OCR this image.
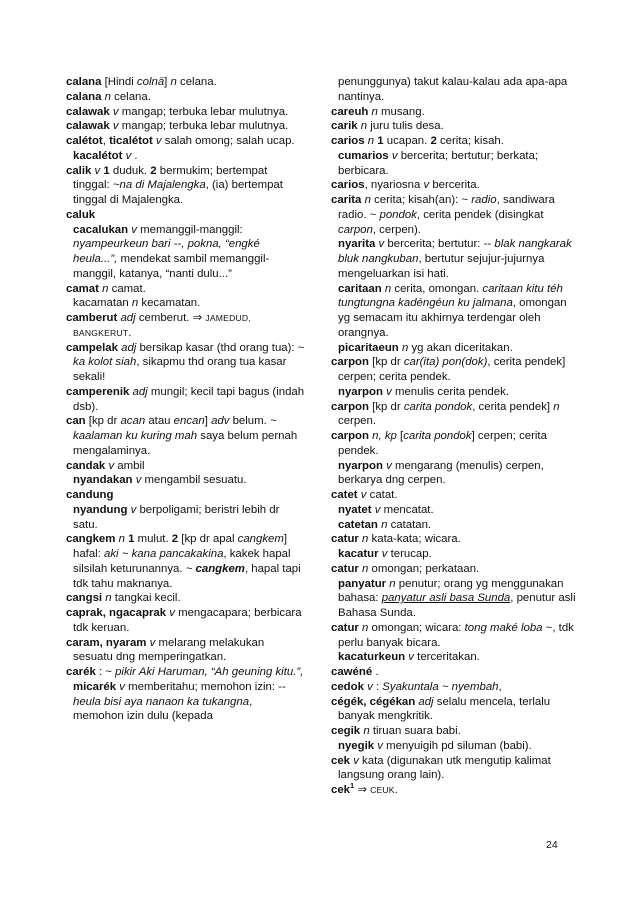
calana [Hindi colnā] n celana.

calana n celana.

calawak v mangap; terbuka lebar mulutnya.

calawak v mangap; terbuka lebar mulutnya.

calétot, ticalétot v salah omong; salah ucap.

kacalétot v .

calik v 1 duduk. 2 bermukim; bertempat tinggal: ~na di Majalengka, (ia) bertempat tinggal di Majalengka.

caluk

cacalukan v memanggil-manggil: nyampeurkeun bari --, pokna, “engké heula...”, mendekat sambil memanggil-manggil, katanya, “nanti dulu...”

camat n camat.

kacamatan n kecamatan.

camberut adj cemberut. ⇒ JAMEDUD, BANGKERUT.

campelak adj bersikap kasar (thd orang tua): ~ ka kolot siah, sikapmu thd orang tua kasar sekali!

camperenik adj mungil; kecil tapi bagus (indah dsb).

can [kp dr acan atau encan] adv belum. ~ kaalaman ku kuring mah saya belum pernah mengalaminya.

candak v ambil

nyandakan v mengambil sesuatu.

candung

nyandung v berpoligami; beristri lebih dr satu.

cangkem n 1 mulut. 2 [kp dr apal cangkem] hafal: aki ~ kana pancakakina, kakek hapal silsilah keturunannya. ~ cangkem, hapal tapi tdk tahu maknanya.

cangsi n tangkai kecil.

caprak, ngacaprak v mengacapara; berbicara tdk keruan.

caram, nyaram v melarang melakukan sesuatu dng memperingatkan.

carék : ~ pikir Aki Haruman, “Ah geuning kitu.”,

micarék v memberitahu; memohon izin: -- heula bisi aya nanaon ka tukangna, memohon izin dulu (kepada

penunggunya) takut kalau-kalau ada apa-apa nantinya.

careuh n musang.

carik n juru tulis desa.

carios n 1 ucapan. 2 cerita; kisah.

cumarios v bercerita; bertutur; berkata; berbicara.

carios, nyariosna v bercerita.

carita n cerita; kisah(an): ~ radio, sandiwara radio. ~ pondok, cerita pendek (disingkat carpon, cerpen).

nyarita v bercerita; bertutur: -- blak nangkarak bluk nangkuban, bertutur sejujur-jujurnya mengeluarkan isi hati.

caritaan n cerita, omongan. caritaan kitu téh tungtungna kadéngéun ku jalmana, omongan yg semacam itu akhirnya terdengar oleh orangnya.

picaritaeun n yg akan diceritakan.

carpon [kp dr car(ita) pon(dok), cerita pendek] cerpen; cerita pendek.

nyarpon v menulis cerita pendek.

carpon [kp dr carita pondok, cerita pendek] n cerpen.

carpon n, kp [carita pondok] cerpen; cerita pendek.

nyarpon v mengarang (menulis) cerpen, berkarya dng cerpen.

catet v catat.

nyatet v mencatat.

catetan n catatan.

catur n kata-kata; wicara.

kacatur v terucap.

catur n omongan; perkataan.

panyatur n penutur; orang yg menggunakan bahasa: panyatur asli basa Sunda, penutur asli Bahasa Sunda.

catur n omongan; wicara: tong maké loba ~, tdk perlu banyak bicara.

kacaturkeun v terceritakan.

cawéné .

cedok v : Syakuntala ~ nyembah,

cégék, cégékan adj selalu mencela, terlalu banyak mengkritik.

cegik n tiruan suara babi.

nyegik v menyuigih pd siluman (babi).

cek v kata (digunakan utk mengutip kalimat langsung orang lain).

cek$^1$ ⇒ CEUK.

24
